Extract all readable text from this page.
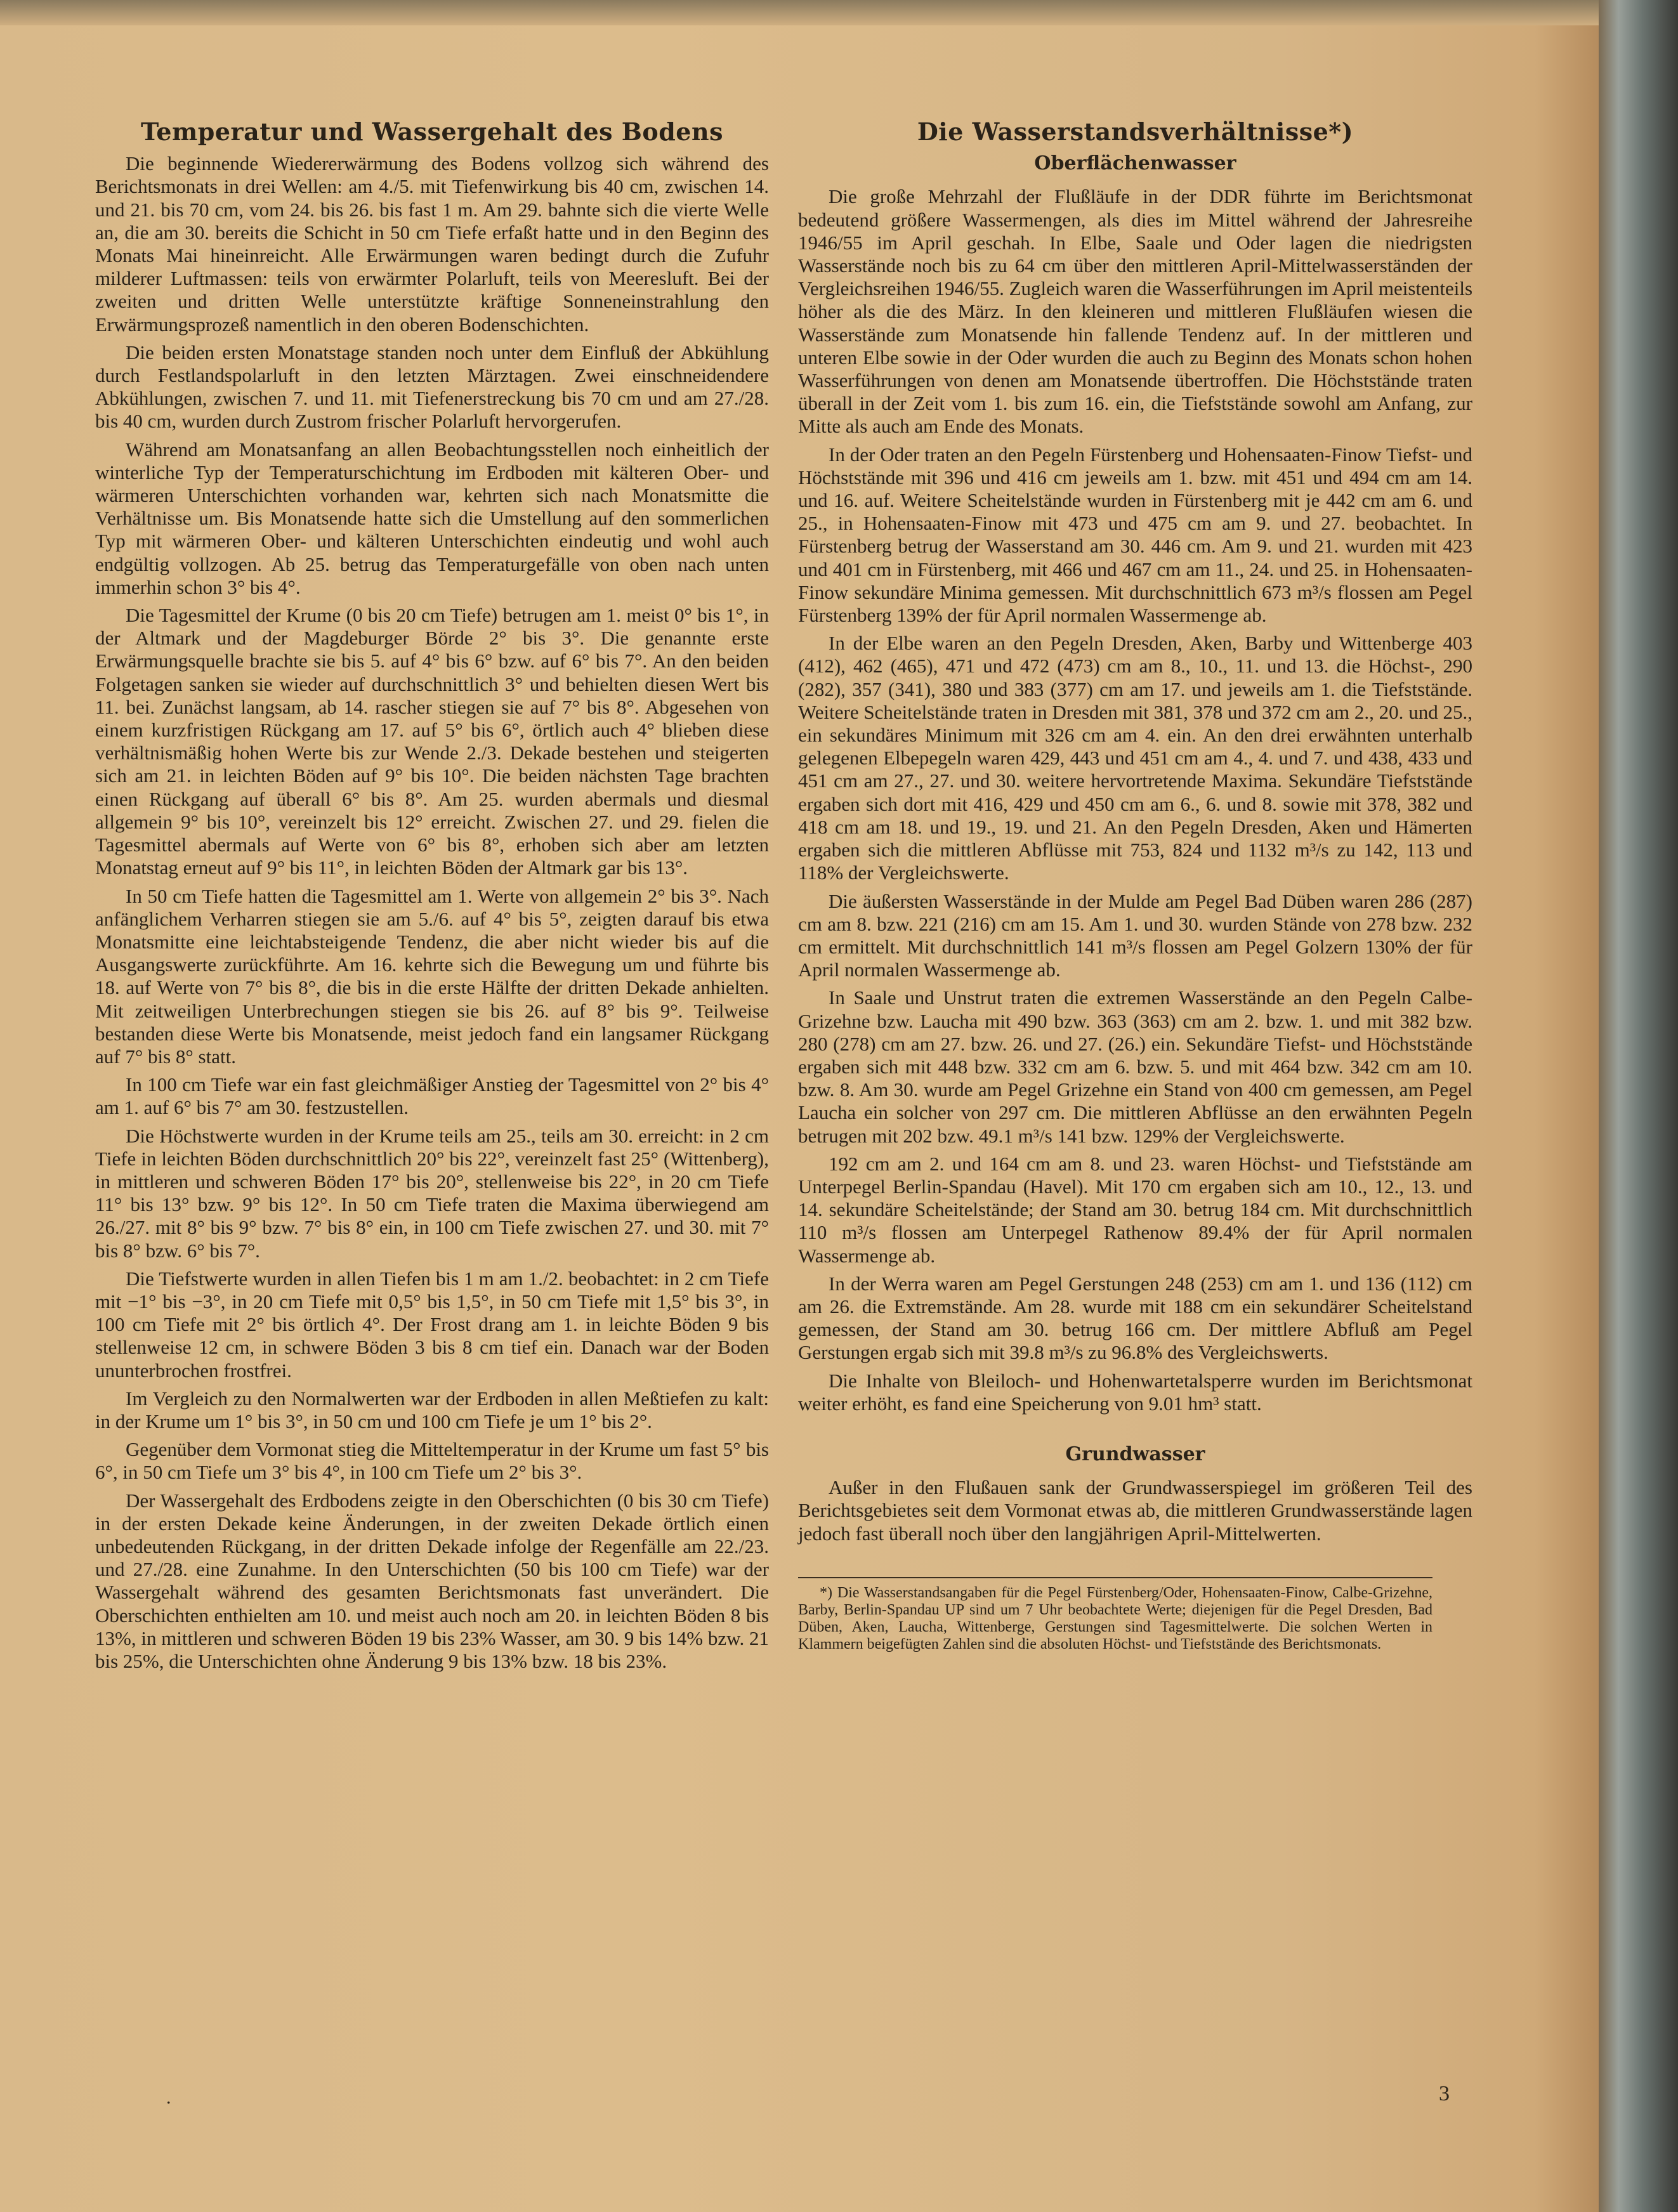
Temperatur und Wassergehalt des Bodens

Die beginnende Wiedererwärmung des Bodens vollzog sich während des Berichtsmonats in drei Wellen: am 4./5. mit Tiefenwirkung bis 40 cm, zwischen 14. und 21. bis 70 cm, vom 24. bis 26. bis fast 1 m. Am 29. bahnte sich die vierte Welle an, die am 30. bereits die Schicht in 50 cm Tiefe erfaßt hatte und in den Beginn des Monats Mai hineinreicht. Alle Erwärmungen waren bedingt durch die Zufuhr milderer Luftmassen: teils von erwärmter Polarluft, teils von Meeresluft. Bei der zweiten und dritten Welle unterstützte kräftige Sonneneinstrahlung den Erwärmungsprozeß namentlich in den oberen Bodenschichten.

Die beiden ersten Monatstage standen noch unter dem Einfluß der Abkühlung durch Festlandspolarluft in den letzten Märztagen. Zwei einschneidendere Abkühlungen, zwischen 7. und 11. mit Tiefenerstreckung bis 70 cm und am 27./28. bis 40 cm, wurden durch Zustrom frischer Polarluft hervorgerufen.

Während am Monatsanfang an allen Beobachtungsstellen noch einheitlich der winterliche Typ der Temperaturschichtung im Erdboden mit kälteren Ober- und wärmeren Unterschichten vorhanden war, kehrten sich nach Monatsmitte die Verhältnisse um. Bis Monatsende hatte sich die Umstellung auf den sommerlichen Typ mit wärmeren Ober- und kälteren Unterschichten eindeutig und wohl auch endgültig vollzogen. Ab 25. betrug das Temperaturgefälle von oben nach unten immerhin schon 3° bis 4°.

Die Tagesmittel der Krume (0 bis 20 cm Tiefe) betrugen am 1. meist 0° bis 1°, in der Altmark und der Magdeburger Börde 2° bis 3°. Die genannte erste Erwärmungsquelle brachte sie bis 5. auf 4° bis 6° bzw. auf 6° bis 7°. An den beiden Folgetagen sanken sie wieder auf durchschnittlich 3° und behielten diesen Wert bis 11. bei. Zunächst langsam, ab 14. rascher stiegen sie auf 7° bis 8°. Abgesehen von einem kurzfristigen Rückgang am 17. auf 5° bis 6°, örtlich auch 4° blieben diese verhältnismäßig hohen Werte bis zur Wende 2./3. Dekade bestehen und steigerten sich am 21. in leichten Böden auf 9° bis 10°. Die beiden nächsten Tage brachten einen Rückgang auf überall 6° bis 8°. Am 25. wurden abermals und diesmal allgemein 9° bis 10°, vereinzelt bis 12° erreicht. Zwischen 27. und 29. fielen die Tagesmittel abermals auf Werte von 6° bis 8°, erhoben sich aber am letzten Monatstag erneut auf 9° bis 11°, in leichten Böden der Altmark gar bis 13°.

In 50 cm Tiefe hatten die Tagesmittel am 1. Werte von allgemein 2° bis 3°. Nach anfänglichem Verharren stiegen sie am 5./6. auf 4° bis 5°, zeigten darauf bis etwa Monatsmitte eine leichtabsteigende Tendenz, die aber nicht wieder bis auf die Ausgangswerte zurückführte. Am 16. kehrte sich die Bewegung um und führte bis 18. auf Werte von 7° bis 8°, die bis in die erste Hälfte der dritten Dekade anhielten. Mit zeitweiligen Unterbrechungen stiegen sie bis 26. auf 8° bis 9°. Teilweise bestanden diese Werte bis Monatsende, meist jedoch fand ein langsamer Rückgang auf 7° bis 8° statt.

In 100 cm Tiefe war ein fast gleichmäßiger Anstieg der Tagesmittel von 2° bis 4° am 1. auf 6° bis 7° am 30. festzustellen.

Die Höchstwerte wurden in der Krume teils am 25., teils am 30. erreicht: in 2 cm Tiefe in leichten Böden durchschnittlich 20° bis 22°, vereinzelt fast 25° (Wittenberg), in mittleren und schweren Böden 17° bis 20°, stellenweise bis 22°, in 20 cm Tiefe 11° bis 13° bzw. 9° bis 12°. In 50 cm Tiefe traten die Maxima überwiegend am 26./27. mit 8° bis 9° bzw. 7° bis 8° ein, in 100 cm Tiefe zwischen 27. und 30. mit 7° bis 8° bzw. 6° bis 7°.

Die Tiefstwerte wurden in allen Tiefen bis 1 m am 1./2. beobachtet: in 2 cm Tiefe mit −1° bis −3°, in 20 cm Tiefe mit 0,5° bis 1,5°, in 50 cm Tiefe mit 1,5° bis 3°, in 100 cm Tiefe mit 2° bis örtlich 4°. Der Frost drang am 1. in leichte Böden 9 bis stellenweise 12 cm, in schwere Böden 3 bis 8 cm tief ein. Danach war der Boden ununterbrochen frostfrei.

Im Vergleich zu den Normalwerten war der Erdboden in allen Meßtiefen zu kalt: in der Krume um 1° bis 3°, in 50 cm und 100 cm Tiefe je um 1° bis 2°.

Gegenüber dem Vormonat stieg die Mitteltemperatur in der Krume um fast 5° bis 6°, in 50 cm Tiefe um 3° bis 4°, in 100 cm Tiefe um 2° bis 3°.

Der Wassergehalt des Erdbodens zeigte in den Oberschichten (0 bis 30 cm Tiefe) in der ersten Dekade keine Änderungen, in der zweiten Dekade örtlich einen unbedeutenden Rückgang, in der dritten Dekade infolge der Regenfälle am 22./23. und 27./28. eine Zunahme. In den Unterschichten (50 bis 100 cm Tiefe) war der Wassergehalt während des gesamten Berichtsmonats fast unverändert. Die Oberschichten enthielten am 10. und meist auch noch am 20. in leichten Böden 8 bis 13%, in mittleren und schweren Böden 19 bis 23% Wasser, am 30. 9 bis 14% bzw. 21 bis 25%, die Unterschichten ohne Änderung 9 bis 13% bzw. 18 bis 23%.

Die Wasserstandsverhältnisse*)
Oberflächenwasser

Die große Mehrzahl der Flußläufe in der DDR führte im Berichtsmonat bedeutend größere Wassermengen, als dies im Mittel während der Jahresreihe 1946/55 im April geschah. In Elbe, Saale und Oder lagen die niedrigsten Wasserstände noch bis zu 64 cm über den mittleren April-Mittelwasserständen der Vergleichsreihen 1946/55. Zugleich waren die Wasserführungen im April meistenteils höher als die des März. In den kleineren und mittleren Flußläufen wiesen die Wasserstände zum Monatsende hin fallende Tendenz auf. In der mittleren und unteren Elbe sowie in der Oder wurden die auch zu Beginn des Monats schon hohen Wasserführungen von denen am Monatsende übertroffen. Die Höchststände traten überall in der Zeit vom 1. bis zum 16. ein, die Tiefststände sowohl am Anfang, zur Mitte als auch am Ende des Monats.

In der Oder traten an den Pegeln Fürstenberg und Hohensaaten-Finow Tiefst- und Höchststände mit 396 und 416 cm jeweils am 1. bzw. mit 451 und 494 cm am 14. und 16. auf. Weitere Scheitelstände wurden in Fürstenberg mit je 442 cm am 6. und 25., in Hohensaaten-Finow mit 473 und 475 cm am 9. und 27. beobachtet. In Fürstenberg betrug der Wasserstand am 30. 446 cm. Am 9. und 21. wurden mit 423 und 401 cm in Fürstenberg, mit 466 und 467 cm am 11., 24. und 25. in Hohensaaten-Finow sekundäre Minima gemessen. Mit durchschnittlich 673 m³/s flossen am Pegel Fürstenberg 139% der für April normalen Wassermenge ab.

In der Elbe waren an den Pegeln Dresden, Aken, Barby und Wittenberge 403 (412), 462 (465), 471 und 472 (473) cm am 8., 10., 11. und 13. die Höchst-, 290 (282), 357 (341), 380 und 383 (377) cm am 17. und jeweils am 1. die Tiefststände. Weitere Scheitelstände traten in Dresden mit 381, 378 und 372 cm am 2., 20. und 25., ein sekundäres Minimum mit 326 cm am 4. ein. An den drei erwähnten unterhalb gelegenen Elbepegeln waren 429, 443 und 451 cm am 4., 4. und 7. und 438, 433 und 451 cm am 27., 27. und 30. weitere hervortretende Maxima. Sekundäre Tiefststände ergaben sich dort mit 416, 429 und 450 cm am 6., 6. und 8. sowie mit 378, 382 und 418 cm am 18. und 19., 19. und 21. An den Pegeln Dresden, Aken und Hämerten ergaben sich die mittleren Abflüsse mit 753, 824 und 1132 m³/s zu 142, 113 und 118% der Vergleichswerte.

Die äußersten Wasserstände in der Mulde am Pegel Bad Düben waren 286 (287) cm am 8. bzw. 221 (216) cm am 15. Am 1. und 30. wurden Stände von 278 bzw. 232 cm ermittelt. Mit durchschnittlich 141 m³/s flossen am Pegel Golzern 130% der für April normalen Wassermenge ab.

In Saale und Unstrut traten die extremen Wasserstände an den Pegeln Calbe-Grizehne bzw. Laucha mit 490 bzw. 363 (363) cm am 2. bzw. 1. und mit 382 bzw. 280 (278) cm am 27. bzw. 26. und 27. (26.) ein. Sekundäre Tiefst- und Höchststände ergaben sich mit 448 bzw. 332 cm am 6. bzw. 5. und mit 464 bzw. 342 cm am 10. bzw. 8. Am 30. wurde am Pegel Grizehne ein Stand von 400 cm gemessen, am Pegel Laucha ein solcher von 297 cm. Die mittleren Abflüsse an den erwähnten Pegeln betrugen mit 202 bzw. 49.1 m³/s 141 bzw. 129% der Vergleichswerte.

192 cm am 2. und 164 cm am 8. und 23. waren Höchst- und Tiefststände am Unterpegel Berlin-Spandau (Havel). Mit 170 cm ergaben sich am 10., 12., 13. und 14. sekundäre Scheitelstände; der Stand am 30. betrug 184 cm. Mit durchschnittlich 110 m³/s flossen am Unterpegel Rathenow 89.4% der für April normalen Wassermenge ab.

In der Werra waren am Pegel Gerstungen 248 (253) cm am 1. und 136 (112) cm am 26. die Extremstände. Am 28. wurde mit 188 cm ein sekundärer Scheitelstand gemessen, der Stand am 30. betrug 166 cm. Der mittlere Abfluß am Pegel Gerstungen ergab sich mit 39.8 m³/s zu 96.8% des Vergleichswerts.

Die Inhalte von Bleiloch- und Hohenwartetalsperre wurden im Berichtsmonat weiter erhöht, es fand eine Speicherung von 9.01 hm³ statt.

Grundwasser

Außer in den Flußauen sank der Grundwasserspiegel im größeren Teil des Berichtsgebietes seit dem Vormonat etwas ab, die mittleren Grundwasserstände lagen jedoch fast überall noch über den langjährigen April-Mittelwerten.

*) Die Wasserstandsangaben für die Pegel Fürstenberg/Oder, Hohensaaten-Finow, Calbe-Grizehne, Barby, Berlin-Spandau UP sind um 7 Uhr beobachtete Werte; diejenigen für die Pegel Dresden, Bad Düben, Aken, Laucha, Wittenberge, Gerstungen sind Tagesmittelwerte. Die solchen Werten in Klammern beigefügten Zahlen sind die absoluten Höchst- und Tiefststände des Berichtsmonats.

.	3
